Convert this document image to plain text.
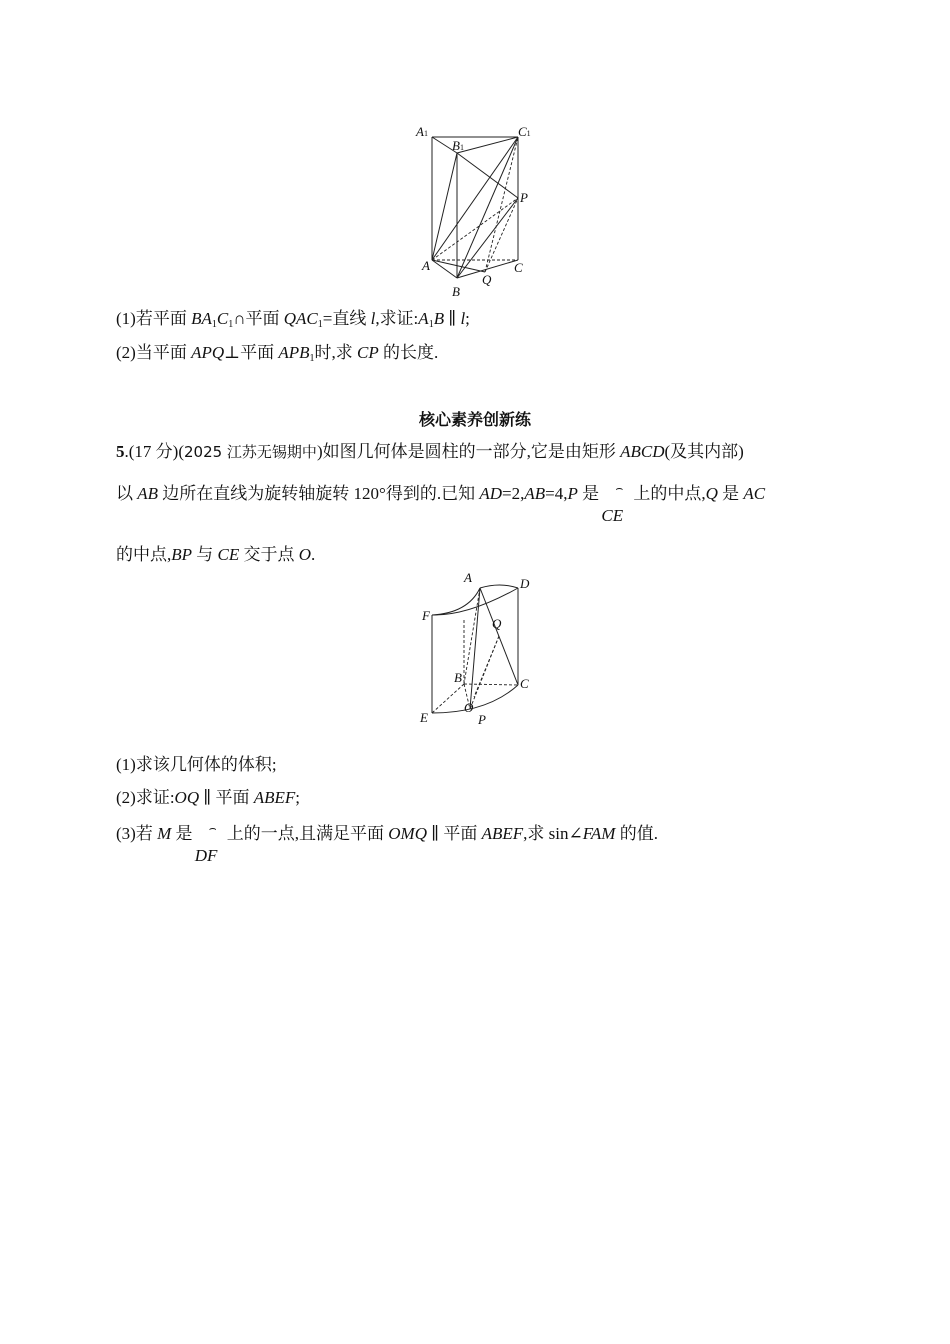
A1
B1
C1
P
A
B
C
Q
(1)若平面 $BA_1C_1\cap$平面 $QAC_1=$直线 l,求证$:A_1B$ ∥ l;
(2)当平面 APQ⊥平面 $APB_1$时,求 CP 的长度.
核心素养创新练
5.(17 分)(2025 江苏无锡期中)如图几何体是圆柱的一部分,它是由矩形 ABCD(及其内部)
以 AB 边所在直线为旋转轴旋转 120°得到的.已知 AD=2,AB=4,P 是 ⌢
CE
上的中点,Q 是 AC
的中点,BP 与 CE 交于点 O.
A	D
F
Q
B	C
E
O
P
(1)求该几何体的体积;
(2)求证:OQ ∥ 平面 ABEF;
(3)若 M 是 ⌢
DF
上的一点,且满足平面 OMQ ∥ 平面 ABEF,求 sin∠FAM 的值.
